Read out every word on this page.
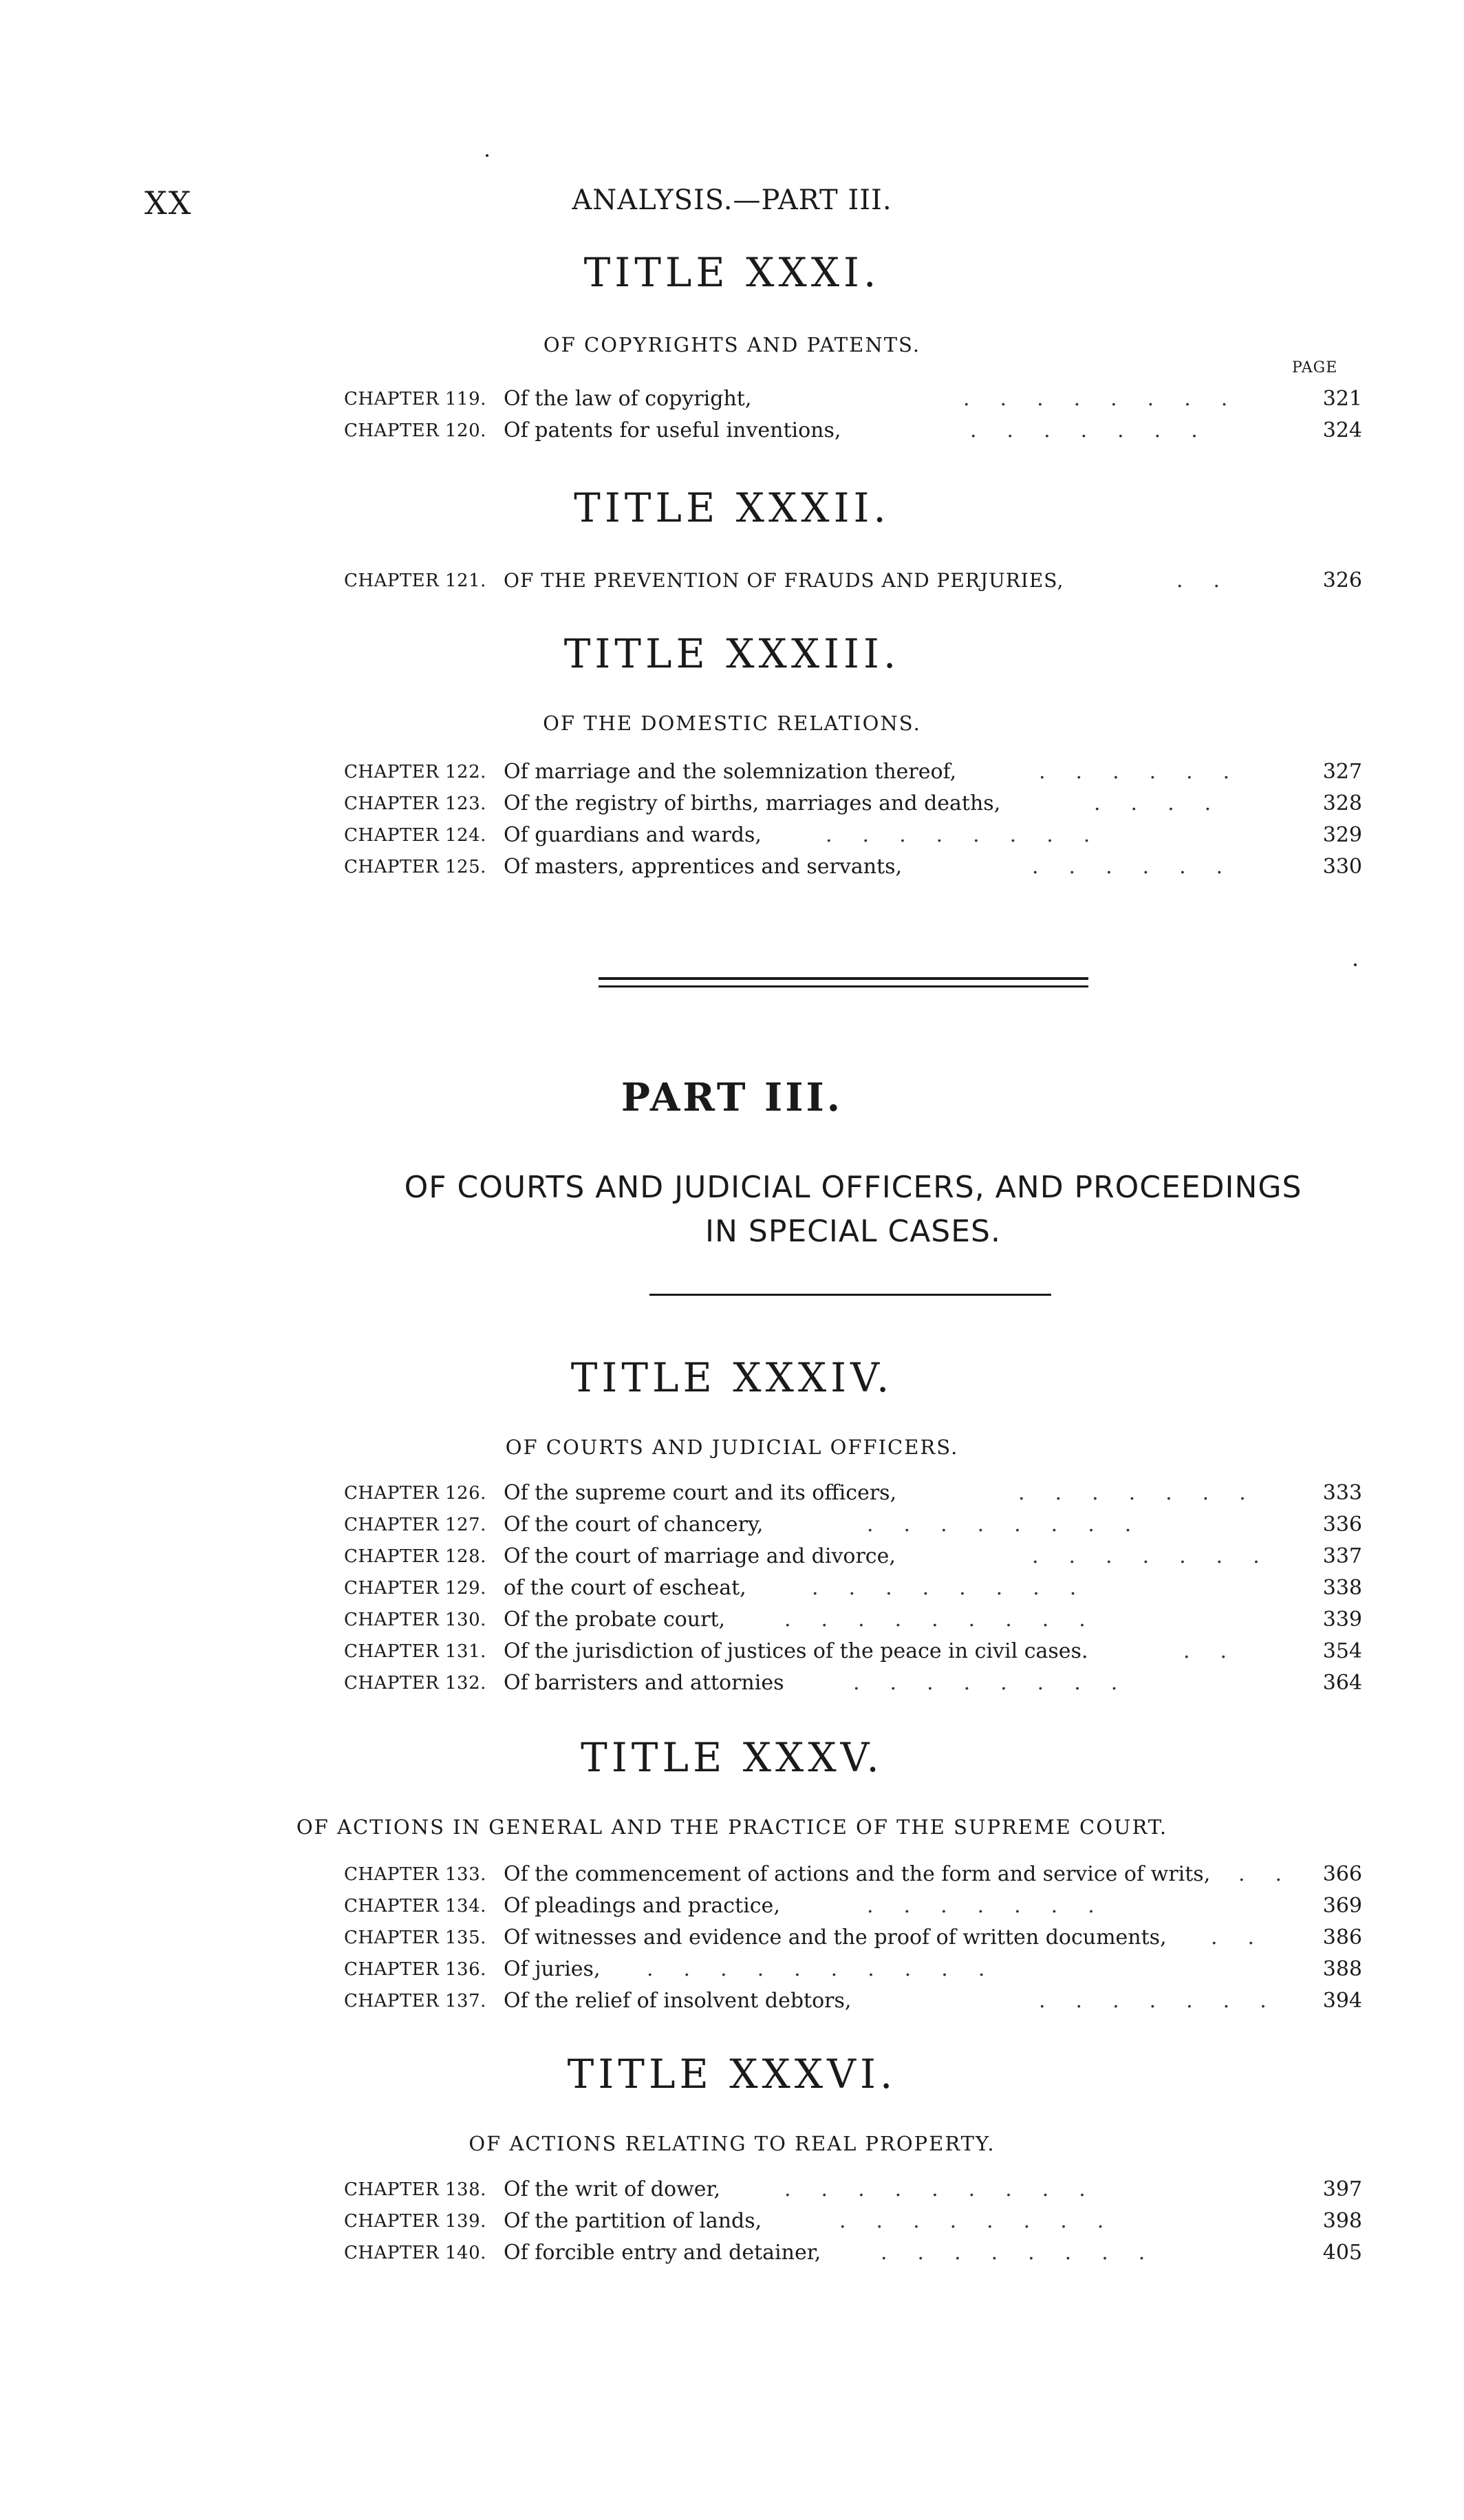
XX	ANALYSIS.—PART III.
TITLE XXXI.
OF COPYRIGHTS AND PATENTS.
PAGE
CHAPTER 119. Of the law of copyright,	........	321
CHAPTER 120. Of patents for useful inventions,	.......	324
TITLE XXXII.
CHAPTER 121. OF THE PREVENTION OF FRAUDS AND PERJURIES,	..	326
TITLE XXXIII.
OF THE DOMESTIC RELATIONS.
CHAPTER 122. Of marriage and the solemnization thereof,	......	327
CHAPTER 123. Of the registry of births, marriages and deaths,	....	328
CHAPTER 124. Of guardians and wards,	........	329
CHAPTER 125. Of masters, apprentices and servants,	......	330
PART III.
OF COURTS AND JUDICIAL OFFICERS, AND PROCEEDINGS
IN SPECIAL CASES.
TITLE XXXIV.
OF COURTS AND JUDICIAL OFFICERS.
CHAPTER 126. Of the supreme court and its officers,	.......	333
CHAPTER 127. Of the court of chancery,	........	336
CHAPTER 128. Of the court of marriage and divorce,	.......	337
CHAPTER 129. of the court of escheat,	........	338
CHAPTER 130. Of the probate court,	.........	339
CHAPTER 131. Of the jurisdiction of justices of the peace in civil cases.	..	354
CHAPTER 132. Of barristers and attornies	........	364
TITLE XXXV.
OF ACTIONS IN GENERAL AND THE PRACTICE OF THE SUPREME COURT.
CHAPTER 133. Of the commencement of actions and the form and service of writs, .. 366
CHAPTER 134. Of pleadings and practice,	.......	369
CHAPTER 135. Of witnesses and evidence and the proof of written documents, ..	386
CHAPTER 136. Of juries, ..........	388
CHAPTER 137. Of the relief of insolvent debtors,	.......	394
TITLE XXXVI.
OF ACTIONS RELATING TO REAL PROPERTY.
CHAPTER 138. Of the writ of dower,	.........	397
CHAPTER 139. Of the partition of lands,	........	398
CHAPTER 140. Of forcible entry and detainer,	........	405
